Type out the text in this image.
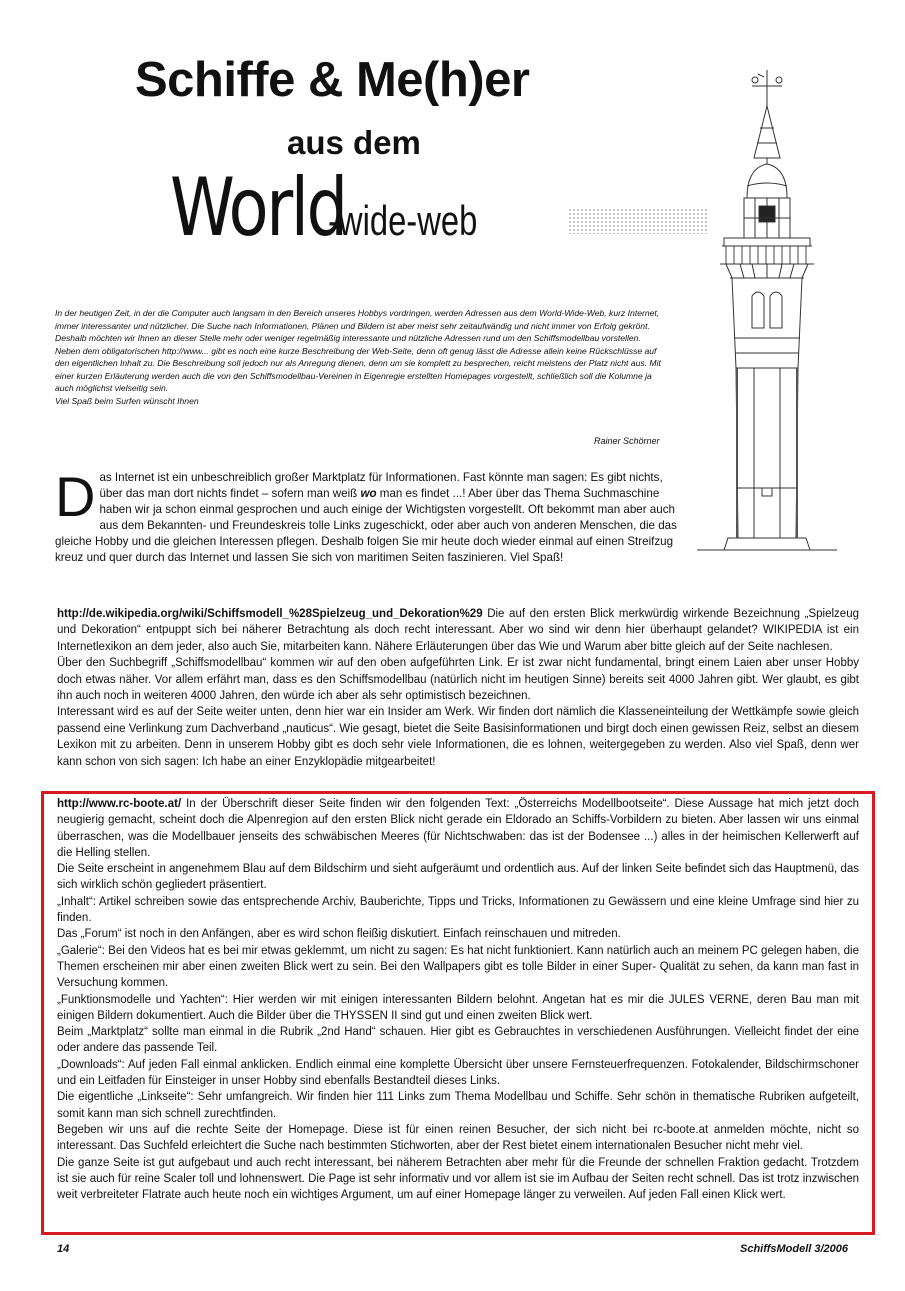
Schiffe & Me(h)er
aus dem
World-wide-web

In der heutigen Zeit, in der die Computer auch langsam in den Bereich unseres Hobbys vordringen, werden Adressen aus dem World-Wide-Web, kurz Internet, immer interessanter und nützlicher. Die Suche nach Informationen, Plänen und Bildern ist aber meist sehr zeitaufwändig und nicht immer von Erfolg gekrönt. Deshalb möchten wir Ihnen an dieser Stelle mehr oder weniger regelmäßig interessante und nützliche Adressen rund um den Schiffsmodellbau vorstellen.

Neben dem obligatorischen http://www... gibt es noch eine kurze Beschreibung der Web-Seite, denn oft genug lässt die Adresse allein keine Rückschlüsse auf den eigentlichen Inhalt zu. Die Beschreibung soll jedoch nur als Anregung dienen, denn um sie komplett zu besprechen, reicht meistens der Platz nicht aus. Mit einer kurzen Erläuterung werden auch die von den Schiffsmodellbau-Vereinen in Eigenregie erstellten Homepages vorgestellt, schließlich soll die Kolumne ja auch möglichst vielseitig sein.

Viel Spaß beim Surfen wünscht Ihnen

Rainer Schörner
Das Internet ist ein unbeschreiblich großer Marktplatz für Informationen. Fast könnte man sagen: Es gibt nichts, über das man dort nichts findet – sofern man weiß wo man es findet ...! Aber über das Thema Suchmaschine haben wir ja schon einmal gesprochen und auch einige der Wichtigsten vorgestellt. Oft bekommt man aber auch aus dem Bekannten- und Freundeskreis tolle Links zugeschickt, oder aber auch von anderen Menschen, die das gleiche Hobby und die gleichen Interessen pflegen. Deshalb folgen Sie mir heute doch wieder einmal auf einen Streifzug kreuz und quer durch das Internet und lassen Sie sich von maritimen Seiten faszinieren. Viel Spaß!

http://de.wikipedia.org/wiki/Schiffsmodell_%28Spielzeug_und_Dekoration%29 Die auf den ersten Blick merkwürdig wirkende Bezeichnung „Spielzeug und Dekoration“ entpuppt sich bei näherer Betrachtung als doch recht interessant. Aber wo sind wir denn hier überhaupt gelandet? WIKIPEDIA ist ein Internetlexikon an dem jeder, also auch Sie, mitarbeiten kann. Nähere Erläuterungen über das Wie und Warum aber bitte gleich auf der Seite nachlesen.

Über den Suchbegriff „Schiffsmodellbau“ kommen wir auf den oben aufgeführten Link. Er ist zwar nicht fundamental, bringt einem Laien aber unser Hobby doch etwas näher. Vor allem erfährt man, dass es den Schiffsmodellbau (natürlich nicht im heutigen Sinne) bereits seit 4000 Jahren gibt. Wer glaubt, es gibt ihn auch noch in weiteren 4000 Jahren, den würde ich aber als sehr optimistisch bezeichnen.

Interessant wird es auf der Seite weiter unten, denn hier war ein Insider am Werk. Wir finden dort nämlich die Klasseneinteilung der Wettkämpfe sowie gleich passend eine Verlinkung zum Dachverband „nauticus“. Wie gesagt, bietet die Seite Basisinformationen und birgt doch einen gewissen Reiz, selbst an diesem Lexikon mit zu arbeiten. Denn in unserem Hobby gibt es doch sehr viele Informationen, die es lohnen, weitergegeben zu werden. Also viel Spaß, denn wer kann schon von sich sagen: Ich habe an einer Enzyklopädie mitgearbeitet!

http://www.rc-boote.at/ In der Überschrift dieser Seite finden wir den folgenden Text: „Österreichs Modellbootseite“. Diese Aussage hat mich jetzt doch neugierig gemacht, scheint doch die Alpenregion auf den ersten Blick nicht gerade ein Eldorado an Schiffs-Vorbildern zu bieten. Aber lassen wir uns einmal überraschen, was die Modellbauer jenseits des schwäbischen Meeres (für Nichtschwaben: das ist der Bodensee ...) alles in der heimischen Kellerwerft auf die Helling stellen.

Die Seite erscheint in angenehmem Blau auf dem Bildschirm und sieht aufgeräumt und ordentlich aus. Auf der linken Seite befindet sich das Hauptmenü, das sich wirklich schön gegliedert präsentiert.

„Inhalt“: Artikel schreiben sowie das entsprechende Archiv, Bauberichte, Tipps und Tricks, Informationen zu Gewässern und eine kleine Umfrage sind hier zu finden.

Das „Forum“ ist noch in den Anfängen, aber es wird schon fleißig diskutiert. Einfach reinschauen und mitreden.

„Galerie“: Bei den Videos hat es bei mir etwas geklemmt, um nicht zu sagen: Es hat nicht funktioniert. Kann natürlich auch an meinem PC gelegen haben, die Themen erscheinen mir aber einen zweiten Blick wert zu sein. Bei den Wallpapers gibt es tolle Bilder in einer Super- Qualität zu sehen, da kann man fast in Versuchung kommen.

„Funktionsmodelle und Yachten“: Hier werden wir mit einigen interessanten Bildern belohnt. Angetan hat es mir die JULES VERNE, deren Bau man mit einigen Bildern dokumentiert. Auch die Bilder über die THYSSEN II sind gut und einen zweiten Blick wert.

Beim „Marktplatz“ sollte man einmal in die Rubrik „2nd Hand“ schauen. Hier gibt es Gebrauchtes in verschiedenen Ausführungen. Vielleicht findet der eine oder andere das passende Teil.

„Downloads“: Auf jeden Fall einmal anklicken. Endlich einmal eine komplette Übersicht über unsere Fernsteuerfrequenzen. Fotokalender, Bildschirmschoner und ein Leitfaden für Einsteiger in unser Hobby sind ebenfalls Bestandteil dieses Links.

Die eigentliche „Linkseite“: Sehr umfangreich. Wir finden hier 111 Links zum Thema Modellbau und Schiffe. Sehr schön in thematische Rubriken aufgeteilt, somit kann man sich schnell zurechtfinden.

Begeben wir uns auf die rechte Seite der Homepage. Diese ist für einen reinen Besucher, der sich nicht bei rc-boote.at anmelden möchte, nicht so interessant. Das Suchfeld erleichtert die Suche nach bestimmten Stichworten, aber der Rest bietet einem internationalen Besucher nicht mehr viel.

Die ganze Seite ist gut aufgebaut und auch recht interessant, bei näherem Betrachten aber mehr für die Freunde der schnellen Fraktion gedacht. Trotzdem ist sie auch für reine Scaler toll und lohnenswert. Die Page ist sehr informativ und vor allem ist sie im Aufbau der Seiten recht schnell. Das ist trotz inzwischen weit verbreiteter Flatrate auch heute noch ein wichtiges Argument, um auf einer Homepage länger zu verweilen. Auf jeden Fall einen Klick wert.

14	SchiffsModell 3/2006
